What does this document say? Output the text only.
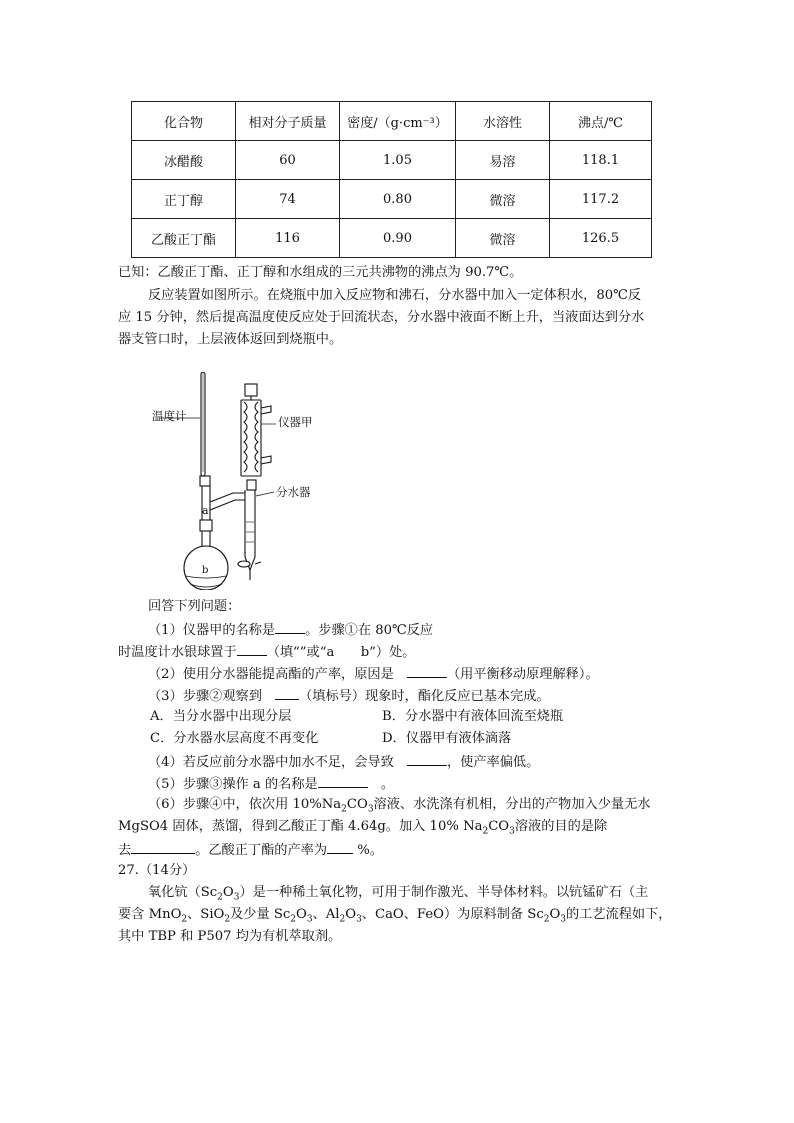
化合物	相对分子质量	密度/（g·cm⁻³）	水溶性	沸点/℃
冰醋酸	60	1.05	易溶	118.1
正丁醇	74	0.80	微溶	117.2
乙酸正丁酯	116	0.90	微溶	126.5
已知：乙酸正丁酯、正丁醇和水组成的三元共沸物的沸点为 90.7℃。
反应装置如图所示。在烧瓶中加入反应物和沸石，分水器中加入一定体积水，80℃反
应 15 分钟，然后提高温度使反应处于回流状态，分水器中液面不断上升，当液面达到分水
器支管口时，上层液体返回到烧瓶中。
温度计	仪器甲
分水器
a
b
回答下列问题：
（1）仪器甲的名称是 。步骤①在 80℃反应
时温度计水银球置于 （填“”或“a　　b”）处。
（2）使用分水器能提高酯的产率，原因是　	（用平衡移动原理解释）。
（3）步骤②观察到　（填标号）现象时，酯化反应已基本完成。
A．当分水器中出现分层	B．分水器中有液体回流至烧瓶
C．分水器水层高度不再变化	D．仪器甲有液体滴落
（4）若反应前分水器中加水不足，会导致　	，使产率偏低。
（5）步骤③操作 a 的名称是	　。
（6）步骤④中，依次用 $10\%Na_2CO_3$溶液、水洗涤有机相，分出的产物加入少量无水
MgSO4 固体，蒸馏，得到乙酸正丁酯 4.64g。加入 10% $Na_2CO_3$溶液的目的是除
去	。乙酸正丁酯的产率为 %。
27.（14分）
氧化钪$(Sc_2O_3)$是一种稀土氧化物，可用于制作激光、半导体材料。以钪锰矿石（主
要含 MnO$_2$、SiO$_2$及少量 $Sc_2O_3$、$Al_2O_3$、CaO、FeO）为原料制备 $Sc_2O_3$的工艺流程如下，
其中 TBP 和 P507 均为有机萃取剂。
